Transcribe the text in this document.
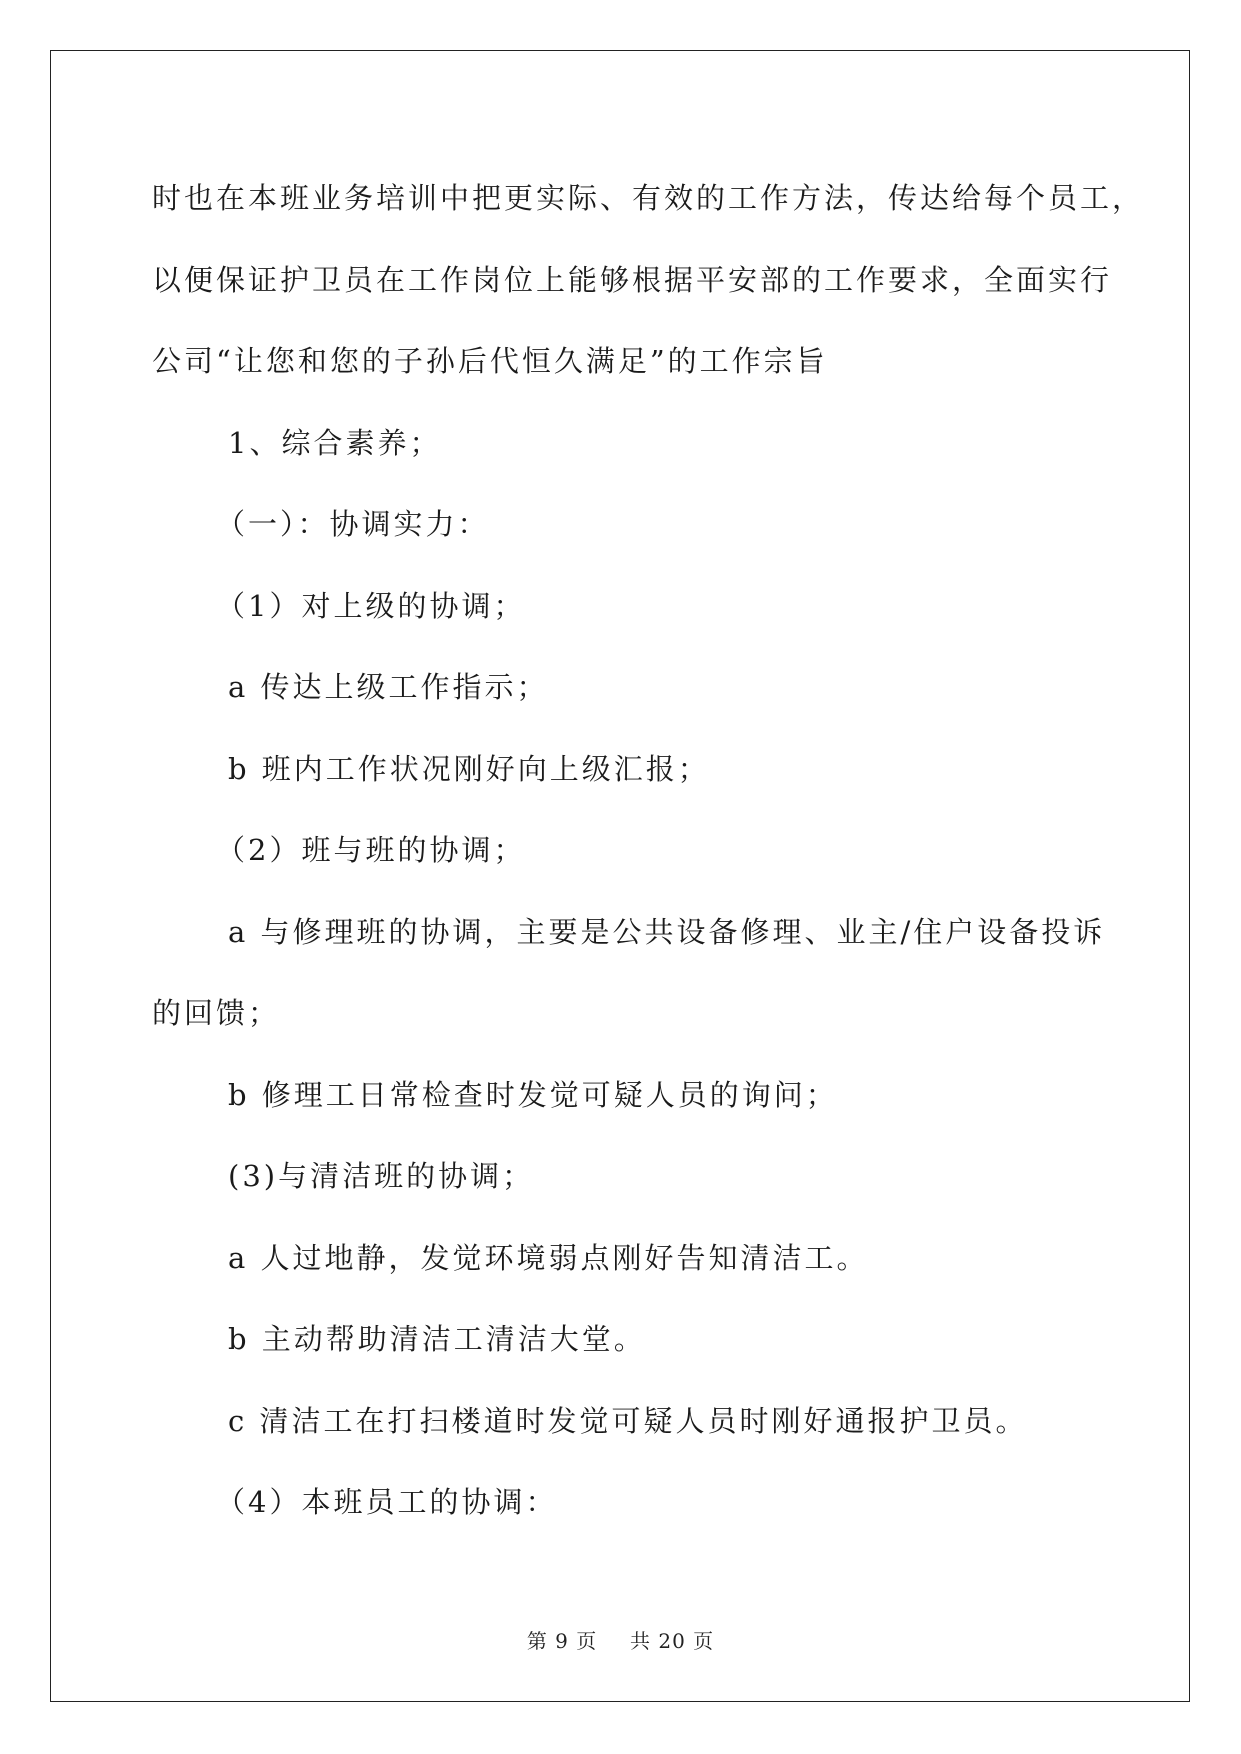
时也在本班业务培训中把更实际、有效的工作方法，传达给每个员工，
以便保证护卫员在工作岗位上能够根据平安部的工作要求，全面实行
公司“让您和您的子孙后代恒久满足”的工作宗旨
1、综合素养；
（一）：协调实力：
（1）对上级的协调；
a 传达上级工作指示；
b 班内工作状况刚好向上级汇报；
（2）班与班的协调；
a 与修理班的协调，主要是公共设备修理、业主/住户设备投诉
的回馈；
b 修理工日常检查时发觉可疑人员的询问；
(3)与清洁班的协调；
a 人过地静，发觉环境弱点刚好告知清洁工。
b 主动帮助清洁工清洁大堂。
c 清洁工在打扫楼道时发觉可疑人员时刚好通报护卫员。
（4）本班员工的协调：
第 9 页 共 20 页
